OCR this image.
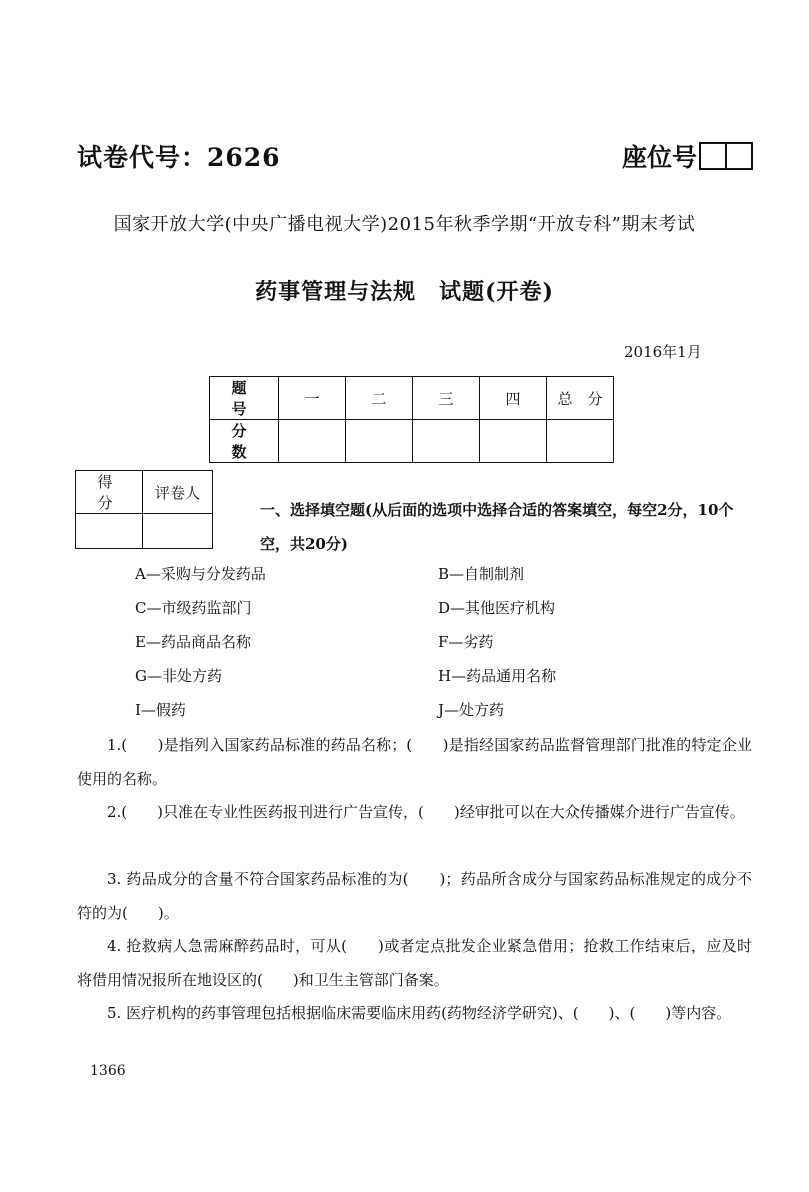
试卷代号：2626	座位号
国家开放大学(中央广播电视大学)2015年秋季学期“开放专科”期末考试
药事管理与法规　试题(开卷)
2016年1月
题　号	一	二	三	四	总　分
分　数					
得　分	评卷人

一、选择填空题(从后面的选项中选择合适的答案填空，每空2分，10个空，共20分)
A—采购与分发药品	B—自制制剂
C—市级药监部门	D—其他医疗机构
E—药品商品名称	F—劣药
G—非处方药	H—药品通用名称
I—假药	J—处方药
1.(　　)是指列入国家药品标准的药品名称；(　　)是指经国家药品监督管理部门批准的特定企业使用的名称。
2.(　　)只准在专业性医药报刊进行广告宣传，(　　)经审批可以在大众传播媒介进行广告宣传。
3. 药品成分的含量不符合国家药品标准的为(　　)；药品所含成分与国家药品标准规定的成分不符的为(　　)。
4. 抢救病人急需麻醉药品时，可从(　　)或者定点批发企业紧急借用；抢救工作结束后，应及时将借用情况报所在地设区的(　　)和卫生主管部门备案。
5. 医疗机构的药事管理包括根据临床需要临床用药(药物经济学研究)、(　　)、(　　)等内容。
1366
